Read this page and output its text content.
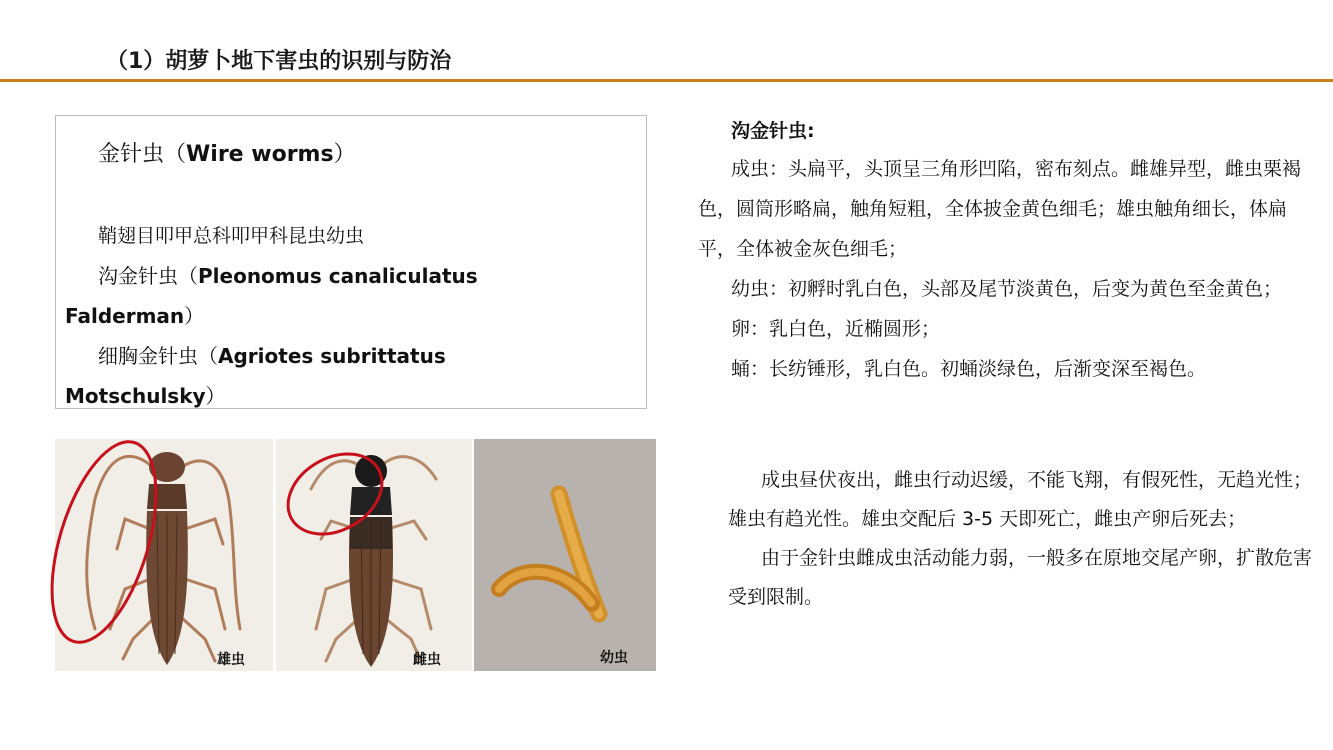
（1）胡萝卜地下害虫的识别与防治
金针虫（Wire worms）
鞘翅目叩甲总科叩甲科昆虫幼虫
沟金针虫（Pleonomus canaliculatus
Falderman）
细胸金针虫（Agriotes subrittatus
Motschulsky）
雄虫	雌虫	幼虫

沟金针虫:

成虫：头扁平，头顶呈三角形凹陷，密布刻点。雌雄异型，雌虫栗褐色，圆筒形略扁，触角短粗，全体披金黄色细毛；雄虫触角细长，体扁平，全体被金灰色细毛；

幼虫：初孵时乳白色，头部及尾节淡黄色，后变为黄色至金黄色；

卵：乳白色，近椭圆形；

蛹：长纺锤形，乳白色。初蛹淡绿色，后渐变深至褐色。

成虫昼伏夜出，雌虫行动迟缓，不能飞翔，有假死性，无趋光性；雄虫有趋光性。雄虫交配后 3-5 天即死亡，雌虫产卵后死去；

由于金针虫雌成虫活动能力弱，一般多在原地交尾产卵，扩散危害受到限制。
